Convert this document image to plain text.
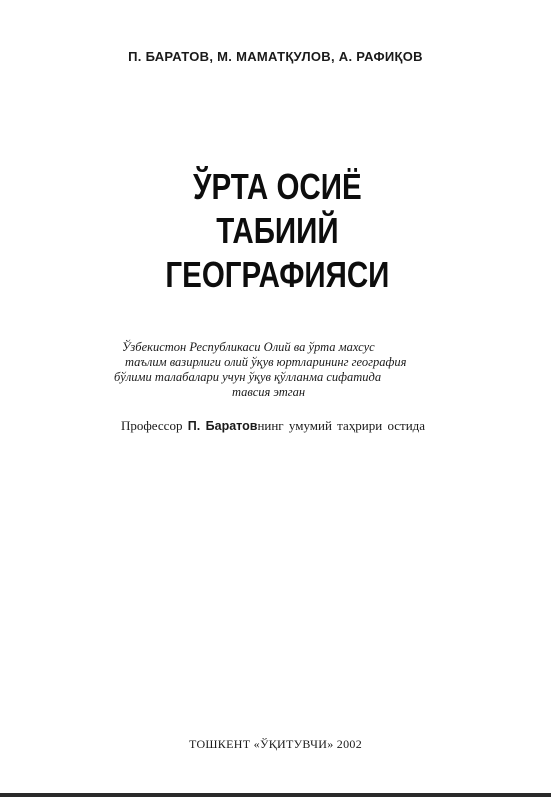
П. БАРАТОВ, М. МАМАТҚУЛОВ, А. РАФИҚОВ
ЎРТА ОСИЁ
ТАБИИЙ
ГЕОГРАФИЯСИ
Ўзбекистон Республикаси Олий ва ўрта махсус
таълим вазирлиги олий ўқув юртларининг география
бўлими талабалари учун ўқув қўлланма сифатида
тавсия этган
Профессор П. Баратовнинг умумий таҳрири остида
ТОШКЕНТ «ЎҚИТУВЧИ» 2002
